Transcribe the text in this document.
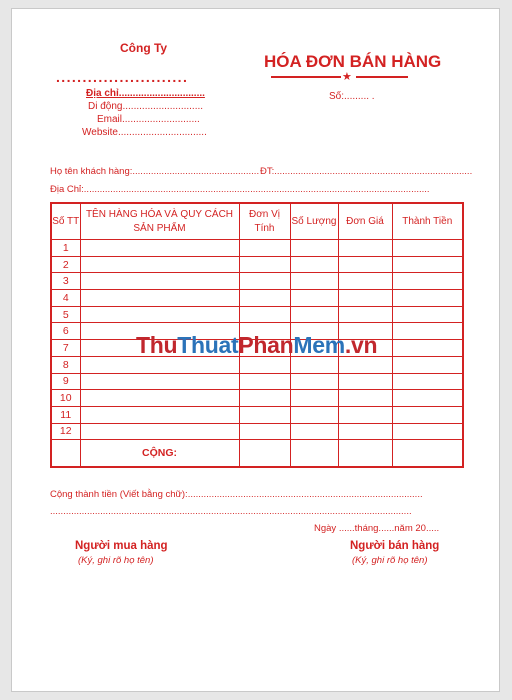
Công Ty
.........................
HÓA ĐƠN BÁN HÀNG
★
Số:......... .
Địa chỉ...............................
Di động.............................
Email............................
Website................................
Họ tên khách hàng:................................................ ĐT:...........................................................................
Địa Chỉ:...................................................................................................................................
Số TT	TÊN HÀNG HÓA VÀ QUY CÁCH SẢN PHẨM	Đơn Vị Tính	Số Lượng	Đơn Giá	Thành Tiền
1					
2					
3					
4					
5					
6					
7					
8					
9					
10					
11					
12					
	CỘNG:				
Cộng thành tiền (Viết bằng chữ):.........................................................................................
.........................................................................................................................................
Ngày ......tháng......năm 20.....
Người mua hàng
(Ký, ghi rõ họ tên)
Người bán hàng
(Ký, ghi rõ họ tên)
ThuThuatPhanMem.vn
